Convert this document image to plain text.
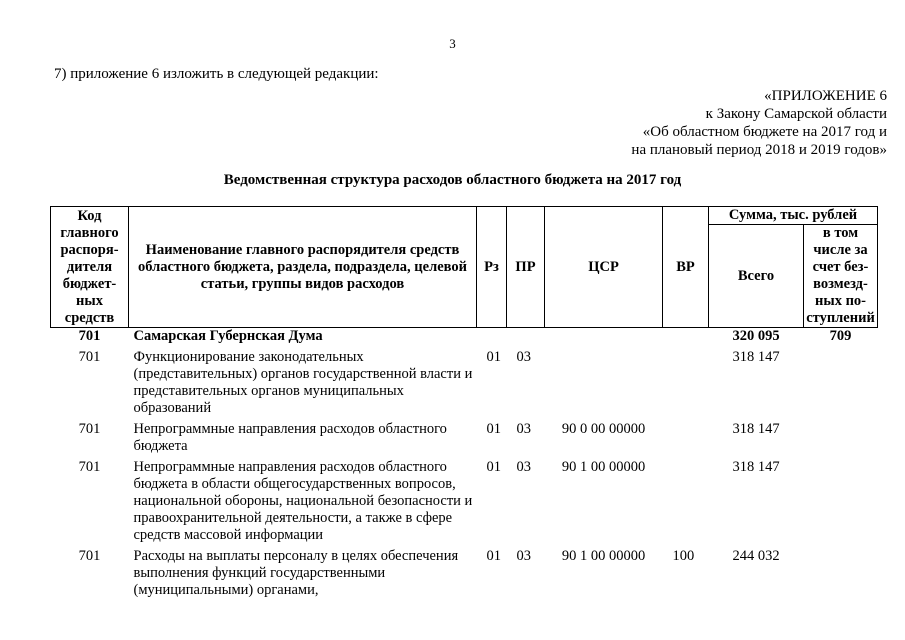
3
7) приложение 6 изложить в следующей редакции:
«ПРИЛОЖЕНИЕ 6
к Закону Самарской области
«Об областном бюджете на 2017 год и
на плановый период 2018 и 2019 годов»
Ведомственная структура расходов областного бюджета на 2017 год
Код главного распоря-дителя бюджет-ных средств	Наименование главного распорядителя средств областного бюджета, раздела, подраздела, целевой статьи, группы видов расходов	Рз	ПР	ЦСР	ВР	Сумма, тыс. рублей	
						Всего	в том числе за счет без-возмезд-ных по-ступлений
701	Самарская Губернская Дума					320 095	709
701	Функционирование законодательных (представительных) органов государственной власти и представительных органов муниципальных образований	01	03			318 147	
701	Непрограммные направления расходов областного бюджета	01	03	90 0 00 00000		318 147	
701	Непрограммные направления расходов областного бюджета в области общегосударственных вопросов, национальной обороны, национальной безопасности и правоохранительной деятельности, а также в сфере средств массовой информации	01	03	90 1 00 00000		318 147	
701	Расходы на выплаты персоналу в целях обеспечения выполнения функций государственными (муниципальными) органами,	01	03	90 1 00 00000	100	244 032	
